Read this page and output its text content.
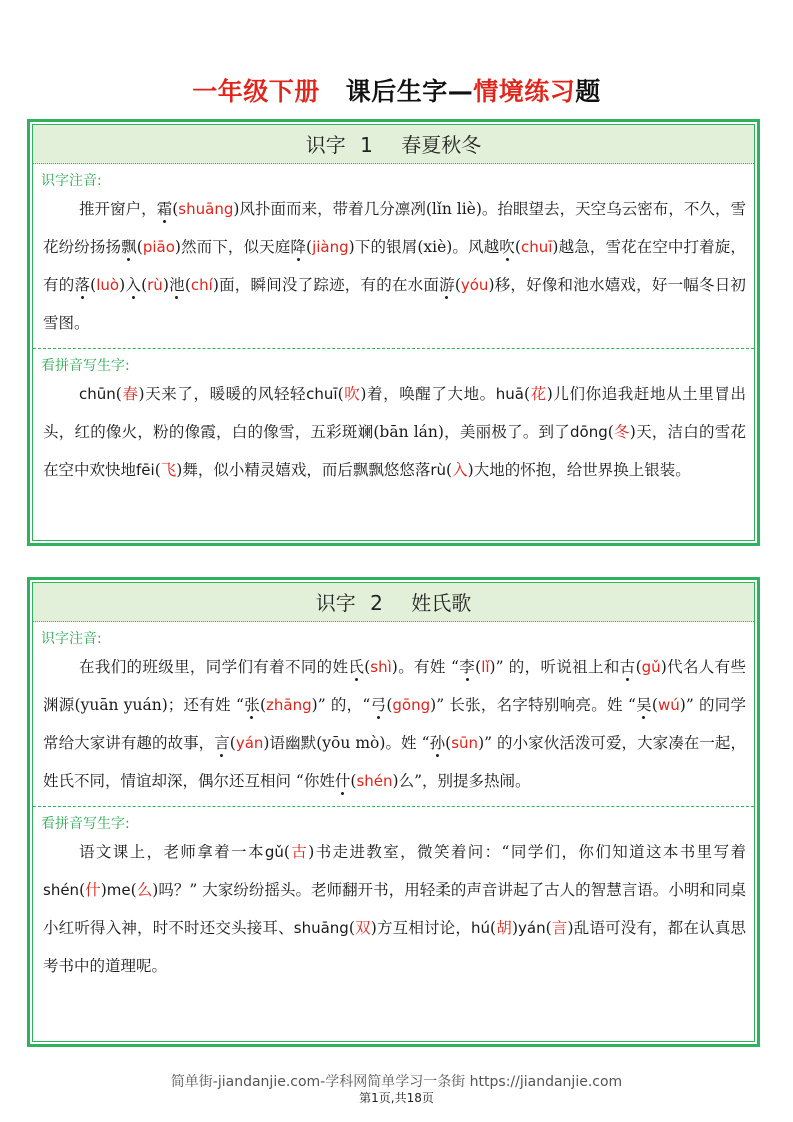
一年级下册 课后生字—情境练习题
识字 1 春夏秋冬
识字注音:
推开窗户，霜(shuāng)风扑面而来，带着几分凛冽(lǐn liè)。抬眼望去，天空乌云密布，不久，雪花纷纷扬扬飘(piāo)然而下，似天庭降(jiàng)下的银屑(xiè)。风越吹(chuī)越急，雪花在空中打着旋，有的落(luò)入(rù)池(chí)面，瞬间没了踪迹，有的在水面游(yóu)移，好像和池水嬉戏，好一幅冬日初雪图。
看拼音写生字:
chūn(春)天来了，暖暖的风轻轻chuī(吹)着，唤醒了大地。huā(花)儿们你追我赶地从土里冒出头，红的像火，粉的像霞，白的像雪，五彩斑斓(bān lán)，美丽极了。到了dōng(冬)天，洁白的雪花在空中欢快地fēi(飞)舞，似小精灵嬉戏，而后飘飘悠悠落rù(入)大地的怀抱，给世界换上银装。
识字 2 姓氏歌
识字注音:
在我们的班级里，同学们有着不同的姓氏(shì)。有姓 “李(lǐ)” 的，听说祖上和古(gǔ)代名人有些渊源(yuān yuán)；还有姓 “张(zhāng)” 的，“弓(gōng)” 长张，名字特别响亮。姓 “吴(wú)” 的同学常给大家讲有趣的故事，言(yán)语幽默(yōu mò)。姓 “孙(sūn)” 的小家伙活泼可爱，大家凑在一起，姓氏不同，情谊却深，偶尔还互相问 “你姓什(shén)么”，别提多热闹。
看拼音写生字:
语文课上，老师拿着一本gǔ(古)书走进教室，微笑着问：“同学们，你们知道这本书里写着shén(什)me(么)吗？” 大家纷纷摇头。老师翻开书，用轻柔的声音讲起了古人的智慧言语。小明和同桌小红听得入神，时不时还交头接耳、shuāng(双)方互相讨论，hú(胡)yán(言)乱语可没有，都在认真思考书中的道理呢。
简单街-jiandanjie.com-学科网简单学习一条街 https://jiandanjie.com
第1页,共18页
